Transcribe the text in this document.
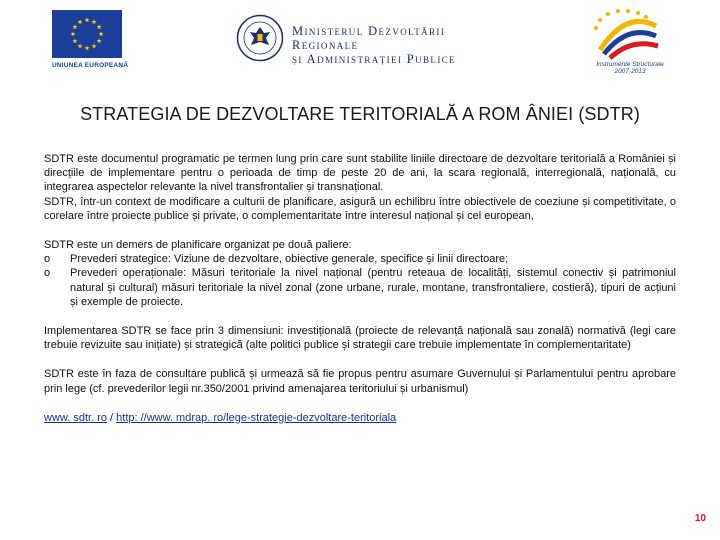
UNIUNEA EUROPEANĂ
Ministerul Dezvoltării Regionale
și Administrației Publice	Instrumente Structurale
2007-2013
STRATEGIA DE DEZVOLTARE TERITORIALĂ A ROM ÂNIEI (SDTR)

SDTR este documentul programatic pe termen lung prin care sunt stabilite liniile directoare de dezvoltare teritorială a României și direcțiile de implementare pentru o perioada de timp de peste 20 de ani, la scara regională, interregională, națională, cu integrarea aspectelor relevante la nivel transfrontalier și transnațional.

SDTR, într-un context de modificare a culturii de planificare, asigură un echilibru între obiectivele de coeziune și competitivitate, o corelare între proiecte publice și private, o complementaritate între interesul național și cel european,

SDTR este un demers de planificare organizat pe două paliere:

o	Prevederi strategice: Viziune de dezvoltare, obiective generale, specifice și linii directoare;
o	Prevederi operaționale: Măsuri teritoriale la nivel național (pentru reteaua de localități, sistemul conectiv și patrimoniul natural și cultural) măsuri teritoriale la nivel zonal (zone urbane, rurale, montane, transfrontaliere, costieră), tipuri de acțiuni și exemple de proiecte.

Implementarea SDTR se face prin 3 dimensiuni: investițională (proiecte de relevanță națională sau zonală) normativă (legi care trebuie revizuite sau inițiate) și strategică (alte politici publice și strategii care trebuie implementate în complementaritate)

SDTR este în faza de consultare publică și urmează să fie propus pentru asumare Guvernului și Parlamentului pentru aprobare prin lege (cf. prevederilor legii nr.350/2001 privind amenajarea teritoriului și urbanismul)

www. sdtr. ro / http: //www. mdrap. ro/lege-strategie-dezvoltare-teritoriala

10
